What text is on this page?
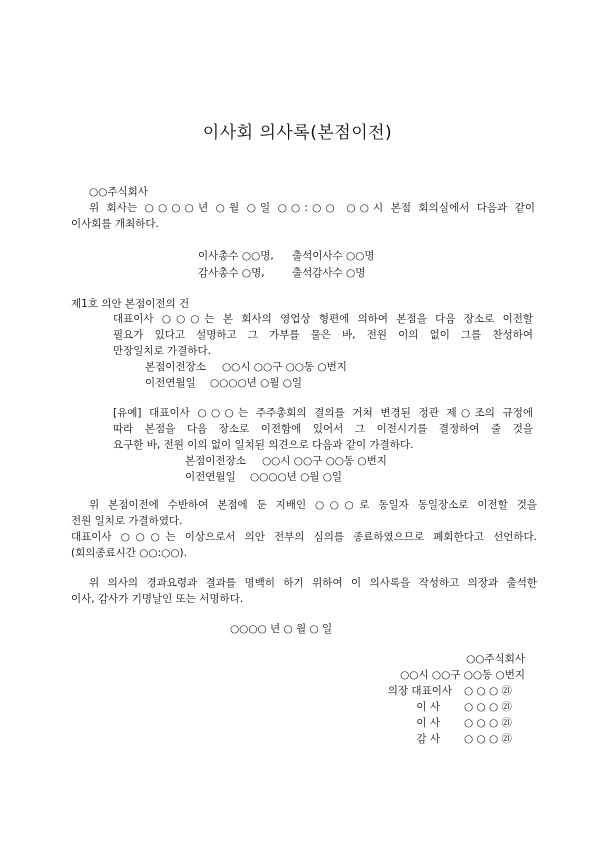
이사회 의사록(본점이전)
○○주식회사
위 회사는 ○○○○년 ○월 ○일 ○○:○○ ○○시 본점 회의실에서 다음과 같이
이사회를 개최하다.
이사총수 ○○명, 출석이사수 ○○명
감사총수 ○명,	출석감사수 ○명
제1호 의안 본점이전의 건
대표이사 ○○○는 본 회사의 영업상 형편에 의하여 본점을 다음 장소로 이전할
필요가 있다고 설명하고 그 가부를 물은 바, 전원 이의 없이 그를 찬성하여
만장일치로 가결하다.
본점이전장소 ○○시 ○○구 ○○동 ○번지
이전연월일 ○○○○년 ○월 ○일
[유예] 대표이사 ○○○는 주주총회의 결의를 거쳐 변경된 정관 제○조의 규정에
따라 본점을 다음 장소로 이전함에 있어서 그 이전시기를 결정하여 줄 것을
요구한 바, 전원 이의 없이 일치된 의견으로 다음과 같이 가결하다.
본점이전장소 ○○시 ○○구 ○○동 ○번지
이전연월일 ○○○○년 ○월 ○일
위 본점이전에 수반하여 본점에 둔 지배인 ○○○로 동일자 동일장소로 이전할 것을
전원 일치로 가결하였다.
대표이사 ○○○는 이상으로서 의안 전부의 심의를 종료하였으므로 폐회한다고 선언하다.
(회의종료시간 ○○:○○).
위 의사의 경과요령과 결과를 명백히 하기 위하여 이 의사록을 작성하고 의장과 출석한
이사, 감사가 기명날인 또는 서명하다.
○○○○ 년 ○ 월 ○ 일
○○주식회사
○○시 ○○구 ○○동 ○번지
의장 대표이사 ○ ○ ○ ㉑
이 사 ○ ○ ○ ㉑
이 사 ○ ○ ○ ㉑
감 사 ○ ○ ○ ㉑
